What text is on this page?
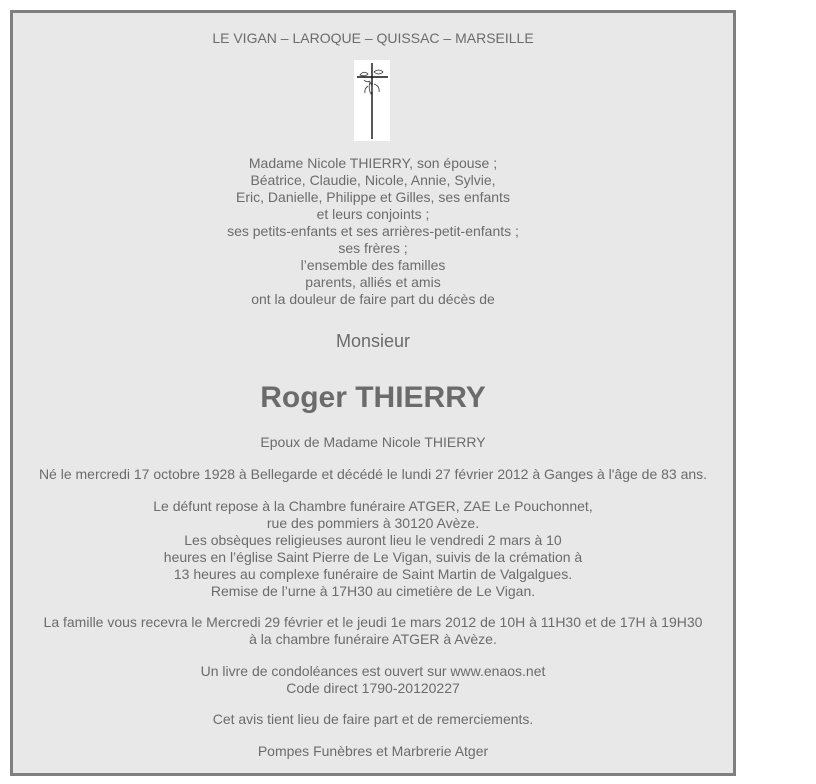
LE VIGAN – LAROQUE – QUISSAC – MARSEILLE

Madame Nicole THIERRY, son épouse ;
Béatrice, Claudie, Nicole, Annie, Sylvie,
Eric, Danielle, Philippe et Gilles, ses enfants
et leurs conjoints ;
ses petits-enfants et ses arrières-petit-enfants ;
ses frères ;
l’ensemble des familles
parents, alliés et amis
ont la douleur de faire part du décès de

Monsieur

Roger THIERRY

Epoux de Madame Nicole THIERRY

Né le mercredi 17 octobre 1928 à Bellegarde et décédé le lundi 27 février 2012 à Ganges à l'âge de 83 ans.

Le défunt repose à la Chambre funéraire ATGER, ZAE Le Pouchonnet,
rue des pommiers à 30120 Avèze.
Les obsèques religieuses auront lieu le vendredi 2 mars à 10
heures en l’église Saint Pierre de Le Vigan, suivis de la crémation à
13 heures au complexe funéraire de Saint Martin de Valgalgues.
Remise de l’urne à 17H30 au cimetière de Le Vigan.

La famille vous recevra le Mercredi 29 février et le jeudi 1e mars 2012 de 10H à 11H30 et de 17H à 19H30
à la chambre funéraire ATGER à Avèze.

Un livre de condoléances est ouvert sur www.enaos.net
Code direct 1790-20120227

Cet avis tient lieu de faire part et de remerciements.

Pompes Funèbres et Marbrerie Atger
